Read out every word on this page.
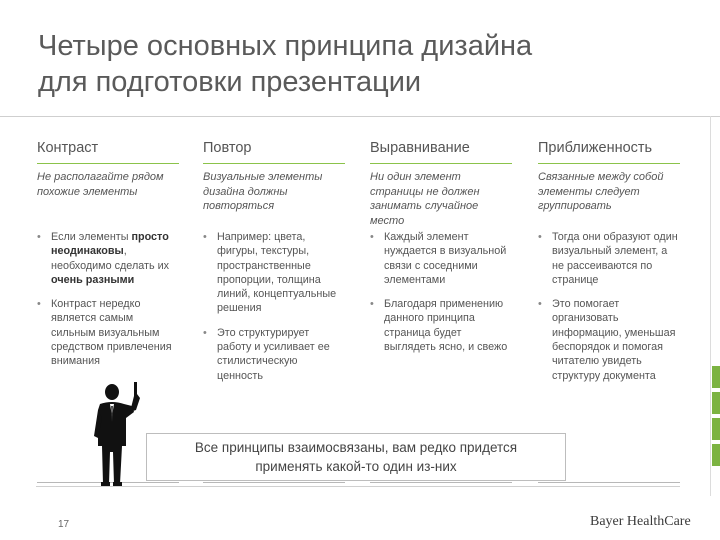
Четыре основных принципа дизайна
для подготовки презентации
Контраст

Не располагайте рядом похожие элементы

• Если элементы просто неодинаковы, необходимо сделать их очень разными
• Контраст нередко является самым сильным визуальным средством привлечения внимания
Повтор

Визуальные элементы дизайна должны повторяться

• Например: цвета, фигуры, текстуры, пространственные пропорции, толщина линий, концептуальные решения
• Это структурирует работу и усиливает ее стилистическую ценность
Выравнивание

Ни один элемент страницы не должен занимать случайное место

• Каждый элемент нуждается в визуальной связи с соседними элементами
• Благодаря применению данного принципа страница будет выглядеть ясно, и свежо
Приближенность

Связанные между собой элементы следует группировать

• Тогда они образуют один визуальный элемент, а не рассеиваются по странице
• Это помогает организовать информацию, уменьшая беспорядок и помогая читателю увидеть структуру документа
Все принципы взаимосвязаны, вам редко придется
применять какой-то один из-них
17	Bayer HealthCare
